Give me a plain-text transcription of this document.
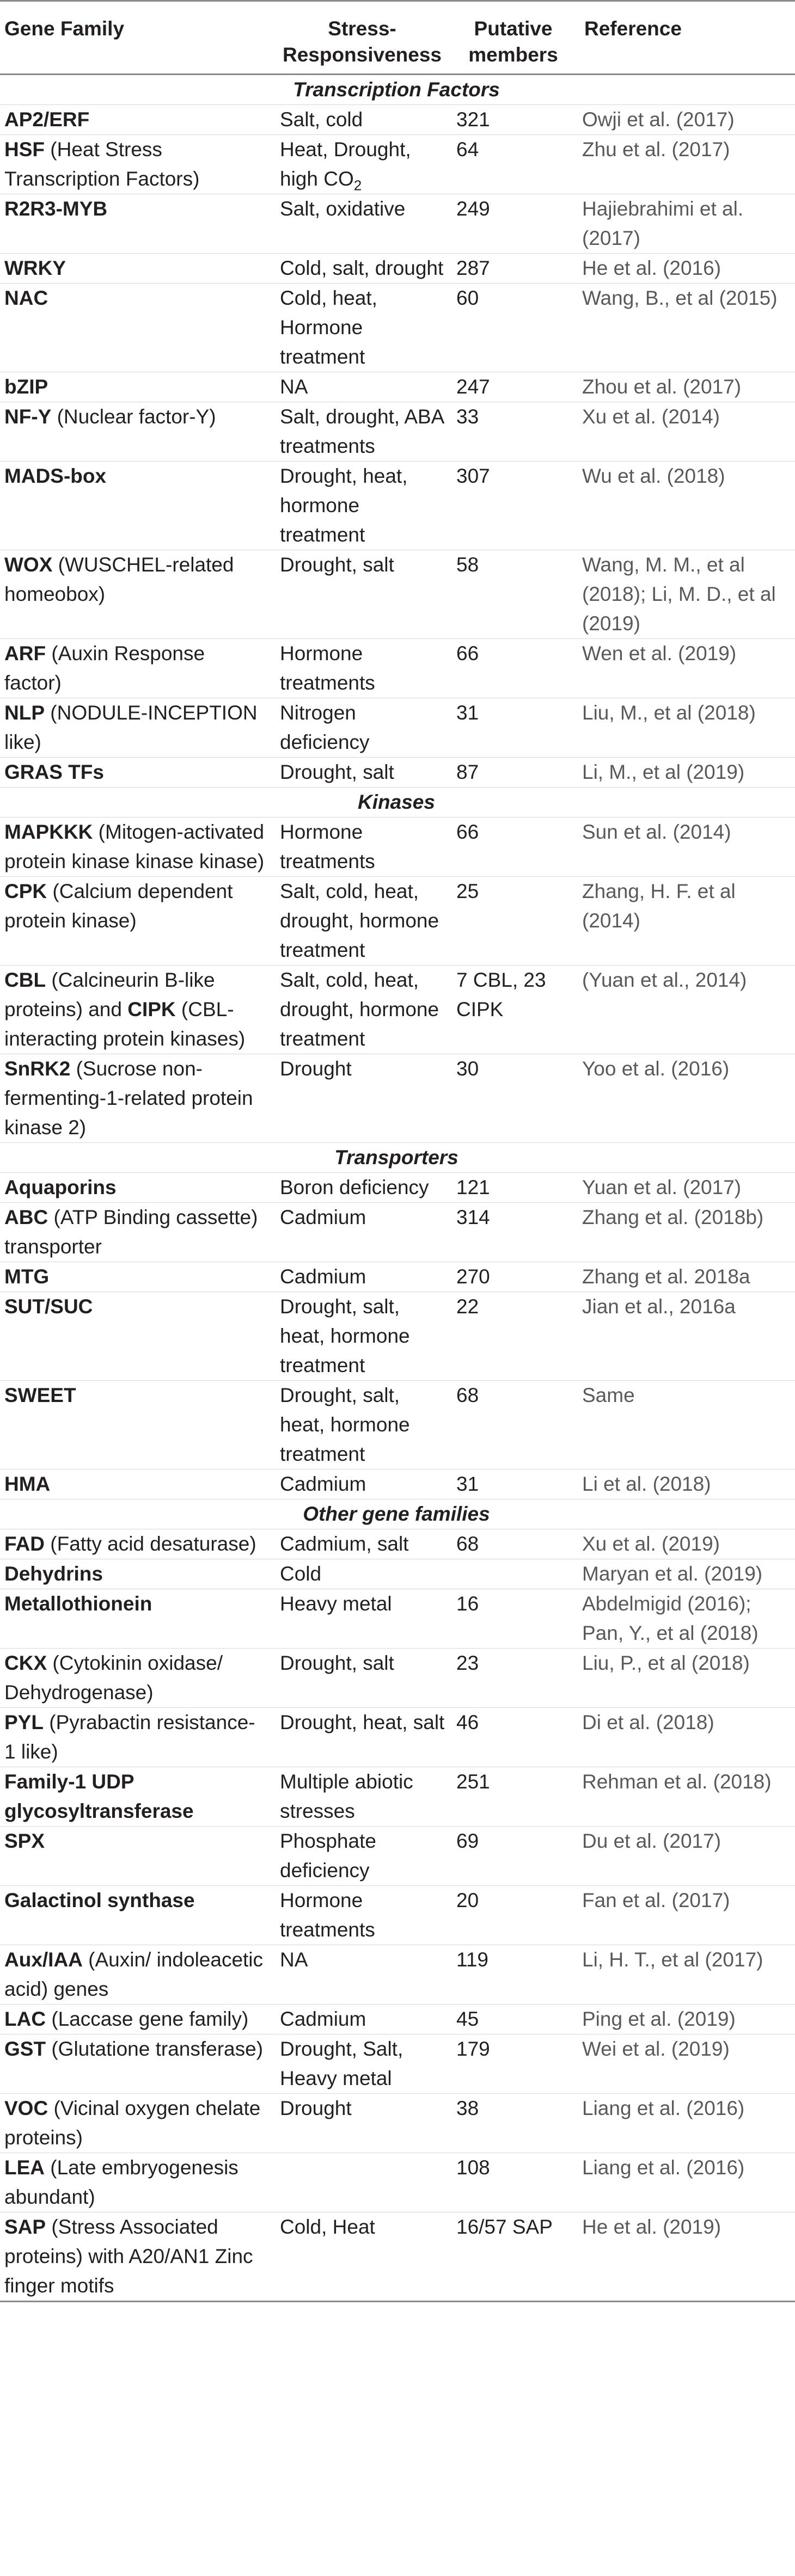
Gene Family	Stress-Responsiveness	Putative members	Reference
Transcription Factors			
AP2/ERF	Salt, cold	321	Owji et al. (2017)
HSF (Heat Stress Transcription Factors)	Heat, Drought, high $CO_2$	64	Zhu et al. (2017)
R2R3-MYB	Salt, oxidative	249	Hajiebrahimi et al. (2017)
WRKY	Cold, salt, drought	287	He et al. (2016)
NAC	Cold, heat, Hormone treatment	60	Wang, B., et al (2015)
bZIP	NA	247	Zhou et al. (2017)
NF-Y (Nuclear factor-Y)	Salt, drought, ABA treatments	33	Xu et al. (2014)
MADS-box	Drought, heat, hormone treatment	307	Wu et al. (2018)
WOX (WUSCHEL-related homeobox)	Drought, salt	58	Wang, M. M., et al (2018); Li, M. D., et al (2019)
ARF (Auxin Response factor)	Hormone treatments	66	Wen et al. (2019)
NLP (NODULE-INCEPTION like)	Nitrogen deficiency	31	Liu, M., et al (2018)
GRAS TFs	Drought, salt	87	Li, M., et al (2019)
Kinases			
MAPKKK (Mitogen-activated protein kinase kinase kinase)	Hormone treatments	66	Sun et al. (2014)
CPK (Calcium dependent protein kinase)	Salt, cold, heat, drought, hormone treatment	25	Zhang, H. F. et al (2014)
CBL (Calcineurin B-like proteins) and CIPK (CBL-interacting protein kinases)	Salt, cold, heat, drought, hormone treatment	7 CBL, 23 CIPK	(Yuan et al., 2014)
SnRK2 (Sucrose non-fermenting-1-related protein kinase 2)	Drought	30	Yoo et al. (2016)
Transporters			
Aquaporins	Boron deficiency	121	Yuan et al. (2017)
ABC (ATP Binding cassette) transporter	Cadmium	314	Zhang et al. (2018b)
MTG	Cadmium	270	Zhang et al. 2018a
SUT/SUC	Drought, salt, heat, hormone treatment	22	Jian et al., 2016a
SWEET	Drought, salt, heat, hormone treatment	68	Same
HMA	Cadmium	31	Li et al. (2018)
Other gene families			
FAD (Fatty acid desaturase)	Cadmium, salt	68	Xu et al. (2019)
Dehydrins	Cold		Maryan et al. (2019)
Metallothionein	Heavy metal	16	Abdelmigid (2016); Pan, Y., et al (2018)
CKX (Cytokinin oxidase/ Dehydrogenase)	Drought, salt	23	Liu, P., et al (2018)
PYL (Pyrabactin resistance-1 like)	Drought, heat, salt	46	Di et al. (2018)
Family-1 UDP glycosyltransferase	Multiple abiotic stresses	251	Rehman et al. (2018)
SPX	Phosphate deficiency	69	Du et al. (2017)
Galactinol synthase	Hormone treatments	20	Fan et al. (2017)
Aux/IAA (Auxin/ indoleacetic acid) genes	NA	119	Li, H. T., et al (2017)
LAC (Laccase gene family)	Cadmium	45	Ping et al. (2019)
GST (Glutatione transferase)	Drought, Salt, Heavy metal	179	Wei et al. (2019)
VOC (Vicinal oxygen chelate proteins)	Drought	38	Liang et al. (2016)
LEA (Late embryogenesis abundant)		108	Liang et al. (2016)
SAP (Stress Associated proteins) with A20/AN1 Zinc finger motifs	Cold, Heat	16/57 SAP	He et al. (2019)
